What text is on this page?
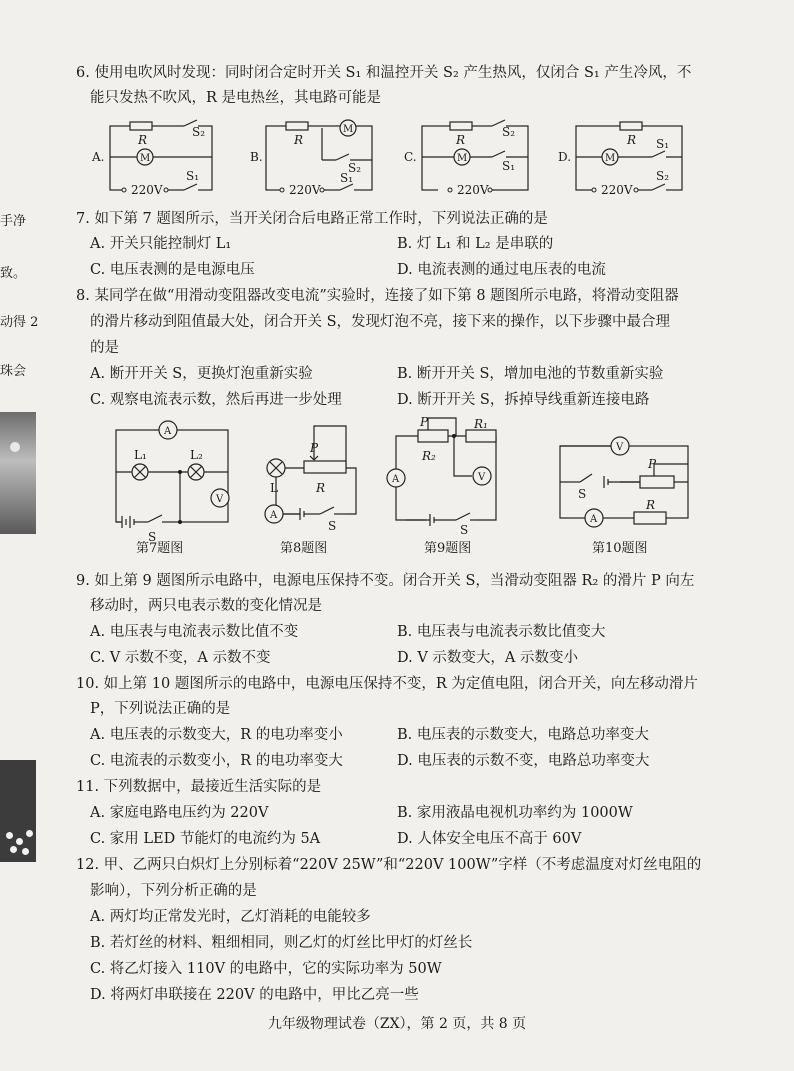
手净
致。
动得 2
珠会
6. 使用电吹风时发现：同时闭合定时开关 S₁ 和温控开关 S₂ 产生热风，仅闭合 S₁ 产生冷风，不
能只发热不吹风，R 是电热丝，其电路可能是
A.	B.	C.	D.
R	R	R	R
M
M
M	M
S₂
S₁
S₂
S₁
S₂
S₁
S₁
S₂
220V	220V	220V	220V
7. 如下第 7 题图所示，当开关闭合后电路正常工作时，下列说法正确的是
A. 开关只能控制灯 L₁	B. 灯 L₁ 和 L₂ 是串联的
C. 电压表测的是电源电压	D. 电流表测的通过电压表的电流
8. 某同学在做“用滑动变阻器改变电流”实验时，连接了如下第 8 题图所示电路，将滑动变阻器
的滑片移动到阻值最大处，闭合开关 S，发现灯泡不亮，接下来的操作，以下步骤中最合理
的是
A. 断开开关 S，更换灯泡重新实验	B. 断开开关 S，增加电池的节数重新实验
C. 观察电流表示数，然后再进一步处理	D. 断开开关 S，拆掉导线重新连接电路
A
V
L₁	L₂
S
L
P
R
A
S
P
R₂
R₁
A	V
S
V
P
S
A
R
第7题图	第8题图	第9题图	第10题图
9. 如上第 9 题图所示电路中，电源电压保持不变。闭合开关 S，当滑动变阻器 R₂ 的滑片 P 向左
移动时，两只电表示数的变化情况是
A. 电压表与电流表示数比值不变	B. 电压表与电流表示数比值变大
C. V 示数不变，A 示数不变	D. V 示数变大，A 示数变小
10. 如上第 10 题图所示的电路中，电源电压保持不变，R 为定值电阻，闭合开关，向左移动滑片
P，下列说法正确的是
A. 电压表的示数变大，R 的电功率变小	B. 电压表的示数变大，电路总功率变大
C. 电流表的示数变小，R 的电功率变大	D. 电压表的示数不变，电路总功率变大
11. 下列数据中，最接近生活实际的是
A. 家庭电路电压约为 220V	B. 家用液晶电视机功率约为 1000W
C. 家用 LED 节能灯的电流约为 5A	D. 人体安全电压不高于 60V
12. 甲、乙两只白炽灯上分别标着“220V 25W”和“220V 100W”字样（不考虑温度对灯丝电阻的
影响），下列分析正确的是
A. 两灯均正常发光时，乙灯消耗的电能较多
B. 若灯丝的材料、粗细相同，则乙灯的灯丝比甲灯的灯丝长
C. 将乙灯接入 110V 的电路中，它的实际功率为 50W
D. 将两灯串联接在 220V 的电路中，甲比乙亮一些
九年级物理试卷（ZX），第 2 页，共 8 页
